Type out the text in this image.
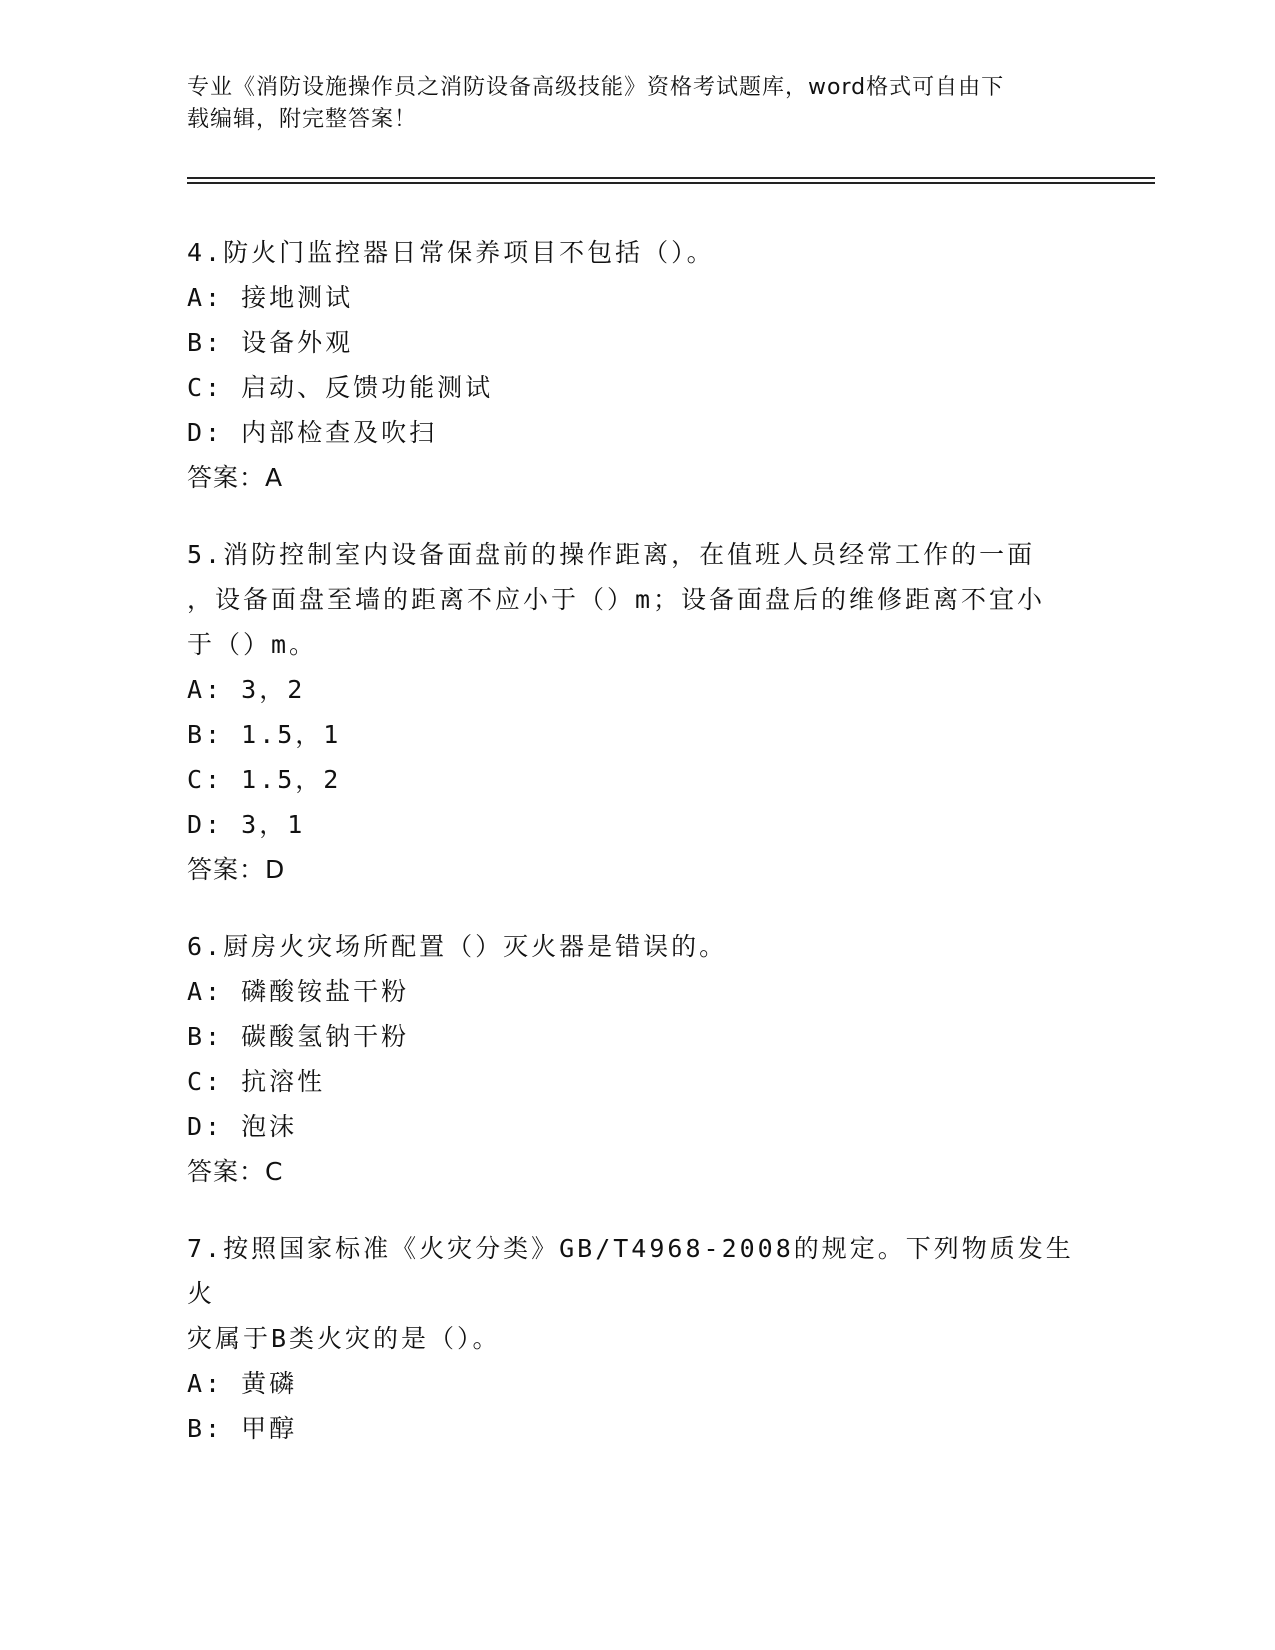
专业《消防设施操作员之消防设备高级技能》资格考试题库，word格式可自由下
载编辑，附完整答案！
4.防火门监控器日常保养项目不包括（）。
A: 接地测试
B: 设备外观
C: 启动、反馈功能测试
D: 内部检查及吹扫
答案：A
5.消防控制室内设备面盘前的操作距离，在值班人员经常工作的一面
，设备面盘至墙的距离不应小于（）m；设备面盘后的维修距离不宜小
于（）m。
A: 3，2
B: 1.5，1
C: 1.5，2
D: 3，1
答案：D
6.厨房火灾场所配置（）灭火器是错误的。
A: 磷酸铵盐干粉
B: 碳酸氢钠干粉
C: 抗溶性
D: 泡沫
答案：C
7.按照国家标准《火灾分类》GB/T4968-2008的规定。下列物质发生火
灾属于B类火灾的是（）。
A: 黄磷
B: 甲醇
